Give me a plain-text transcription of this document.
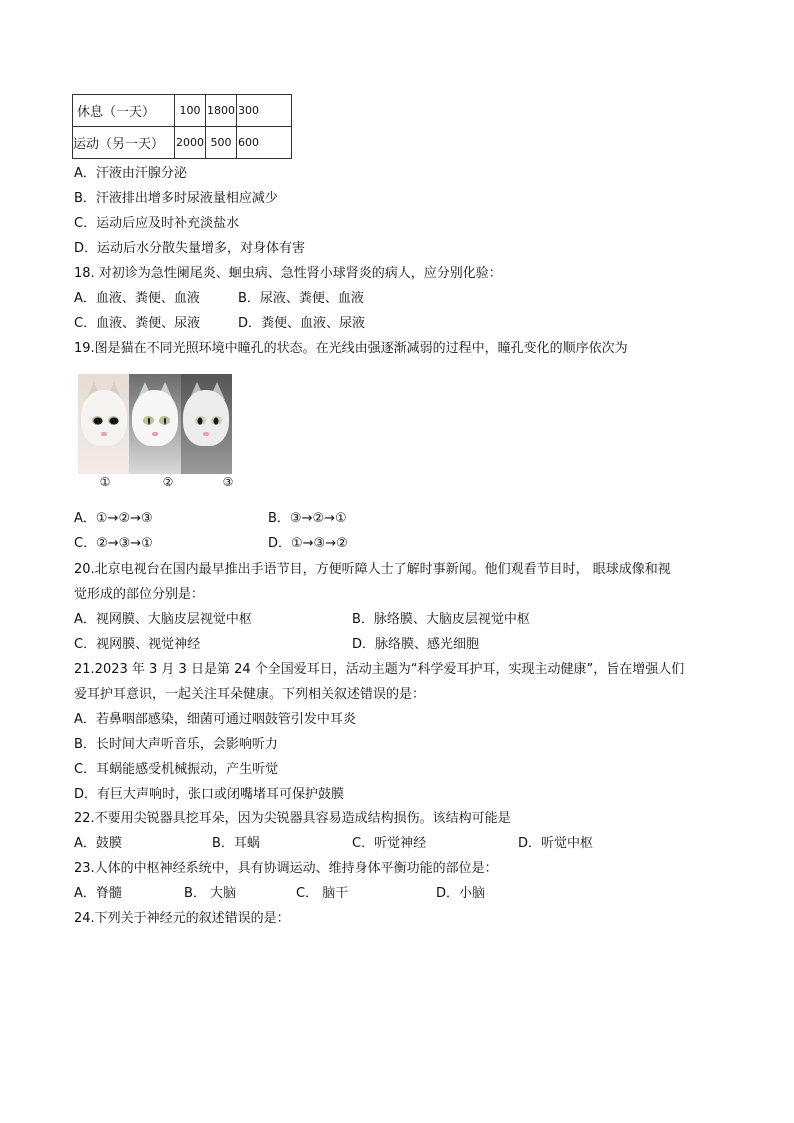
休息（一天）	100	1800	300
运动（另一天）	2000	500	600
A．汗液由汗腺分泌
B．汗液排出增多时尿液量相应减少
C．运动后应及时补充淡盐水
D．运动后水分散失量增多，对身体有害
18. 对初诊为急性阑尾炎、蛔虫病、急性肾小球肾炎的病人，应分别化验：
A．血液、粪便、血液	B．尿液、粪便、血液
C．血液、粪便、尿液	D．粪便、血液、尿液
19.图是猫在不同光照环境中瞳孔的状态。在光线由强逐渐减弱的过程中，瞳孔变化的顺序依次为
①	②	③
A．①→②→③	B．③→②→①
C．②→③→①	D．①→③→②
20.北京电视台在国内最早推出手语节目，方便听障人士了解时事新闻。他们观看节目时， 眼球成像和视
觉形成的部位分别是：
A．视网膜、大脑皮层视觉中枢	B．脉络膜、大脑皮层视觉中枢
C．视网膜、视觉神经	D．脉络膜、感光细胞
21.2023 年 3 月 3 日是第 24 个全国爱耳日，活动主题为“科学爱耳护耳，实现主动健康”，旨在增强人们
爱耳护耳意识，一起关注耳朵健康。下列相关叙述错误的是：
A．若鼻咽部感染，细菌可通过咽鼓管引发中耳炎
B．长时间大声听音乐，会影响听力
C．耳蜗能感受机械振动，产生听觉
D．有巨大声响时，张口或闭嘴堵耳可保护鼓膜
22.不要用尖锐器具挖耳朵，因为尖锐器具容易造成结构损伤。该结构可能是
A．鼓膜	B．耳蜗	C．听觉神经	D．听觉中枢
23.人体的中枢神经系统中，具有协调运动、维持身体平衡功能的部位是：
A．脊髓	B． 大脑	C． 脑干	D．小脑
24.下列关于神经元的叙述错误的是：
